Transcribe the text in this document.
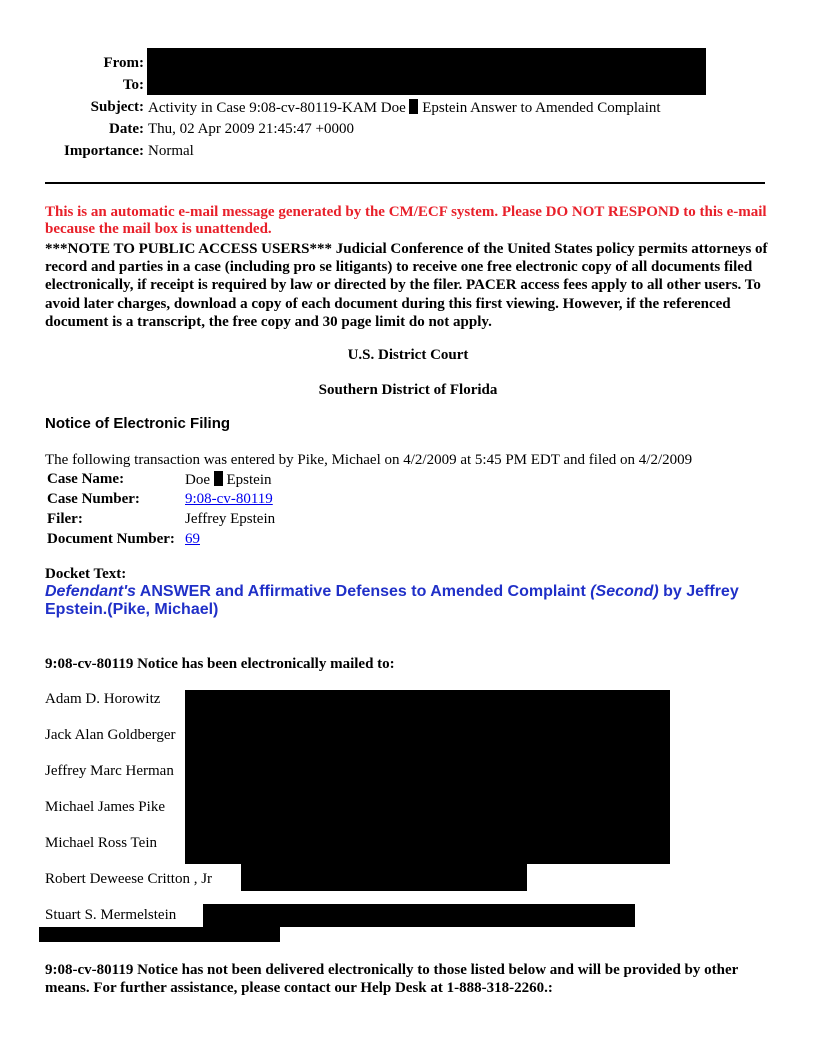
From:
To:
Subject: Activity in Case 9:08-cv-80119-KAM Doe Epstein Answer to Amended Complaint
Date: Thu, 02 Apr 2009 21:45:47 +0000
Importance: Normal
This is an automatic e-mail message generated by the CM/ECF system. Please DO NOT RESPOND to this e-mail because the mail box is unattended.
***NOTE TO PUBLIC ACCESS USERS*** Judicial Conference of the United States policy permits attorneys of record and parties in a case (including pro se litigants) to receive one free electronic copy of all documents filed electronically, if receipt is required by law or directed by the filer. PACER access fees apply to all other users. To avoid later charges, download a copy of each document during this first viewing. However, if the referenced document is a transcript, the free copy and 30 page limit do not apply.
U.S. District Court
Southern District of Florida
Notice of Electronic Filing
The following transaction was entered by Pike, Michael on 4/2/2009 at 5:45 PM EDT and filed on 4/2/2009
Case Name:	Doe Epstein
Case Number:	9:08-cv-80119
Filer:	Jeffrey Epstein
Document Number: 69
Docket Text:
Defendant's ANSWER and Affirmative Defenses to Amended Complaint (Second) by Jeffrey Epstein.(Pike, Michael)
9:08-cv-80119 Notice has been electronically mailed to:
Adam D. Horowitz
Jack Alan Goldberger
Jeffrey Marc Herman
Michael James Pike
Michael Ross Tein
Robert Deweese Critton , Jr
Stuart S. Mermelstein
9:08-cv-80119 Notice has not been delivered electronically to those listed below and will be provided by other means. For further assistance, please contact our Help Desk at 1-888-318-2260.:
